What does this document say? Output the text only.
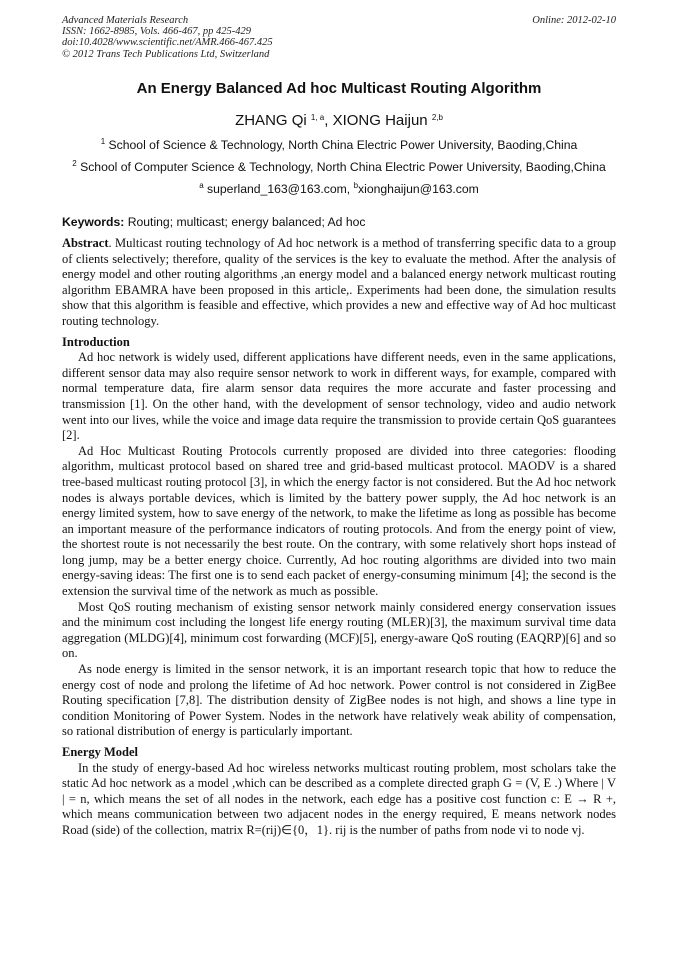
Advanced Materials Research
ISSN: 1662-8985, Vols. 466-467, pp 425-429
doi:10.4028/www.scientific.net/AMR.466-467.425
© 2012 Trans Tech Publications Ltd, Switzerland
Online: 2012-02-10
An Energy Balanced Ad hoc Multicast Routing Algorithm
ZHANG Qi $^{1, a}$, XIONG Haijun $^{2,b}$
$^1$ School of Science & Technology, North China Electric Power University, Baoding,China
$^2$ School of Computer Science & Technology, North China Electric Power University, Baoding,China
$^a$ superland_163@163.com, $^b$xionghaijun@163.com
Keywords: Routing; multicast; energy balanced; Ad hoc

Abstract. Multicast routing technology of Ad hoc network is a method of transferring specific data to a group of clients selectively; therefore, quality of the services is the key to evaluate the method. After the analysis of energy model and other routing algorithms ,an energy model and a balanced energy network multicast routing algorithm EBAMRA have been proposed in this article,. Experiments had been done, the simulation results show that this algorithm is feasible and effective, which provides a new and effective way of Ad hoc multicast routing technology.

Introduction

Ad hoc network is widely used, different applications have different needs, even in the same applications, different sensor data may also require sensor network to work in different ways, for example, compared with normal temperature data, fire alarm sensor data requires the more accurate and faster processing and transmission [1]. On the other hand, with the development of sensor technology, video and audio network went into our lives, while the voice and image data require the transmission to provide certain QoS guarantees [2].

Ad Hoc Multicast Routing Protocols currently proposed are divided into three categories: flooding algorithm, multicast protocol based on shared tree and grid-based multicast protocol. MAODV is a shared tree-based multicast routing protocol [3], in which the energy factor is not considered. But the Ad hoc network nodes is always portable devices, which is limited by the battery power supply, the Ad hoc network is an energy limited system, how to save energy of the network, to make the lifetime as long as possible has become an important measure of the performance indicators of routing protocols. And from the energy point of view, the shortest route is not necessarily the best route. On the contrary, with some relatively short hops instead of long jump, may be a better energy choice. Currently, Ad hoc routing algorithms are divided into two main energy-saving ideas: The first one is to send each packet of energy-consuming minimum [4]; the second is the extension the survival time of the network as much as possible.

Most QoS routing mechanism of existing sensor network mainly considered energy conservation issues and the minimum cost including the longest life energy routing (MLER)[3], the maximum survival time data aggregation (MLDG)[4], minimum cost forwarding (MCF)[5], energy-aware QoS routing (EAQRP)[6] and so on.

As node energy is limited in the sensor network, it is an important research topic that how to reduce the energy cost of node and prolong the lifetime of Ad hoc network. Power control is not considered in ZigBee Routing specification [7,8]. The distribution density of ZigBee nodes is not high, and shows a line type in condition Monitoring of Power System. Nodes in the network have relatively weak ability of compensation, so rational distribution of energy is particularly important.

Energy Model

In the study of energy-based Ad hoc wireless networks multicast routing problem, most scholars take the static Ad hoc network as a model ,which can be described as a complete directed graph G = (V, E .) Where | V | = n, which means the set of all nodes in the network, each edge has a positive cost function c: E → R +, which means communication between two adjacent nodes in the energy required, E means network nodes Road (side) of the collection, matrix R=(rij)∈{0，1}. rij is the number of paths from node vi to node vj.
